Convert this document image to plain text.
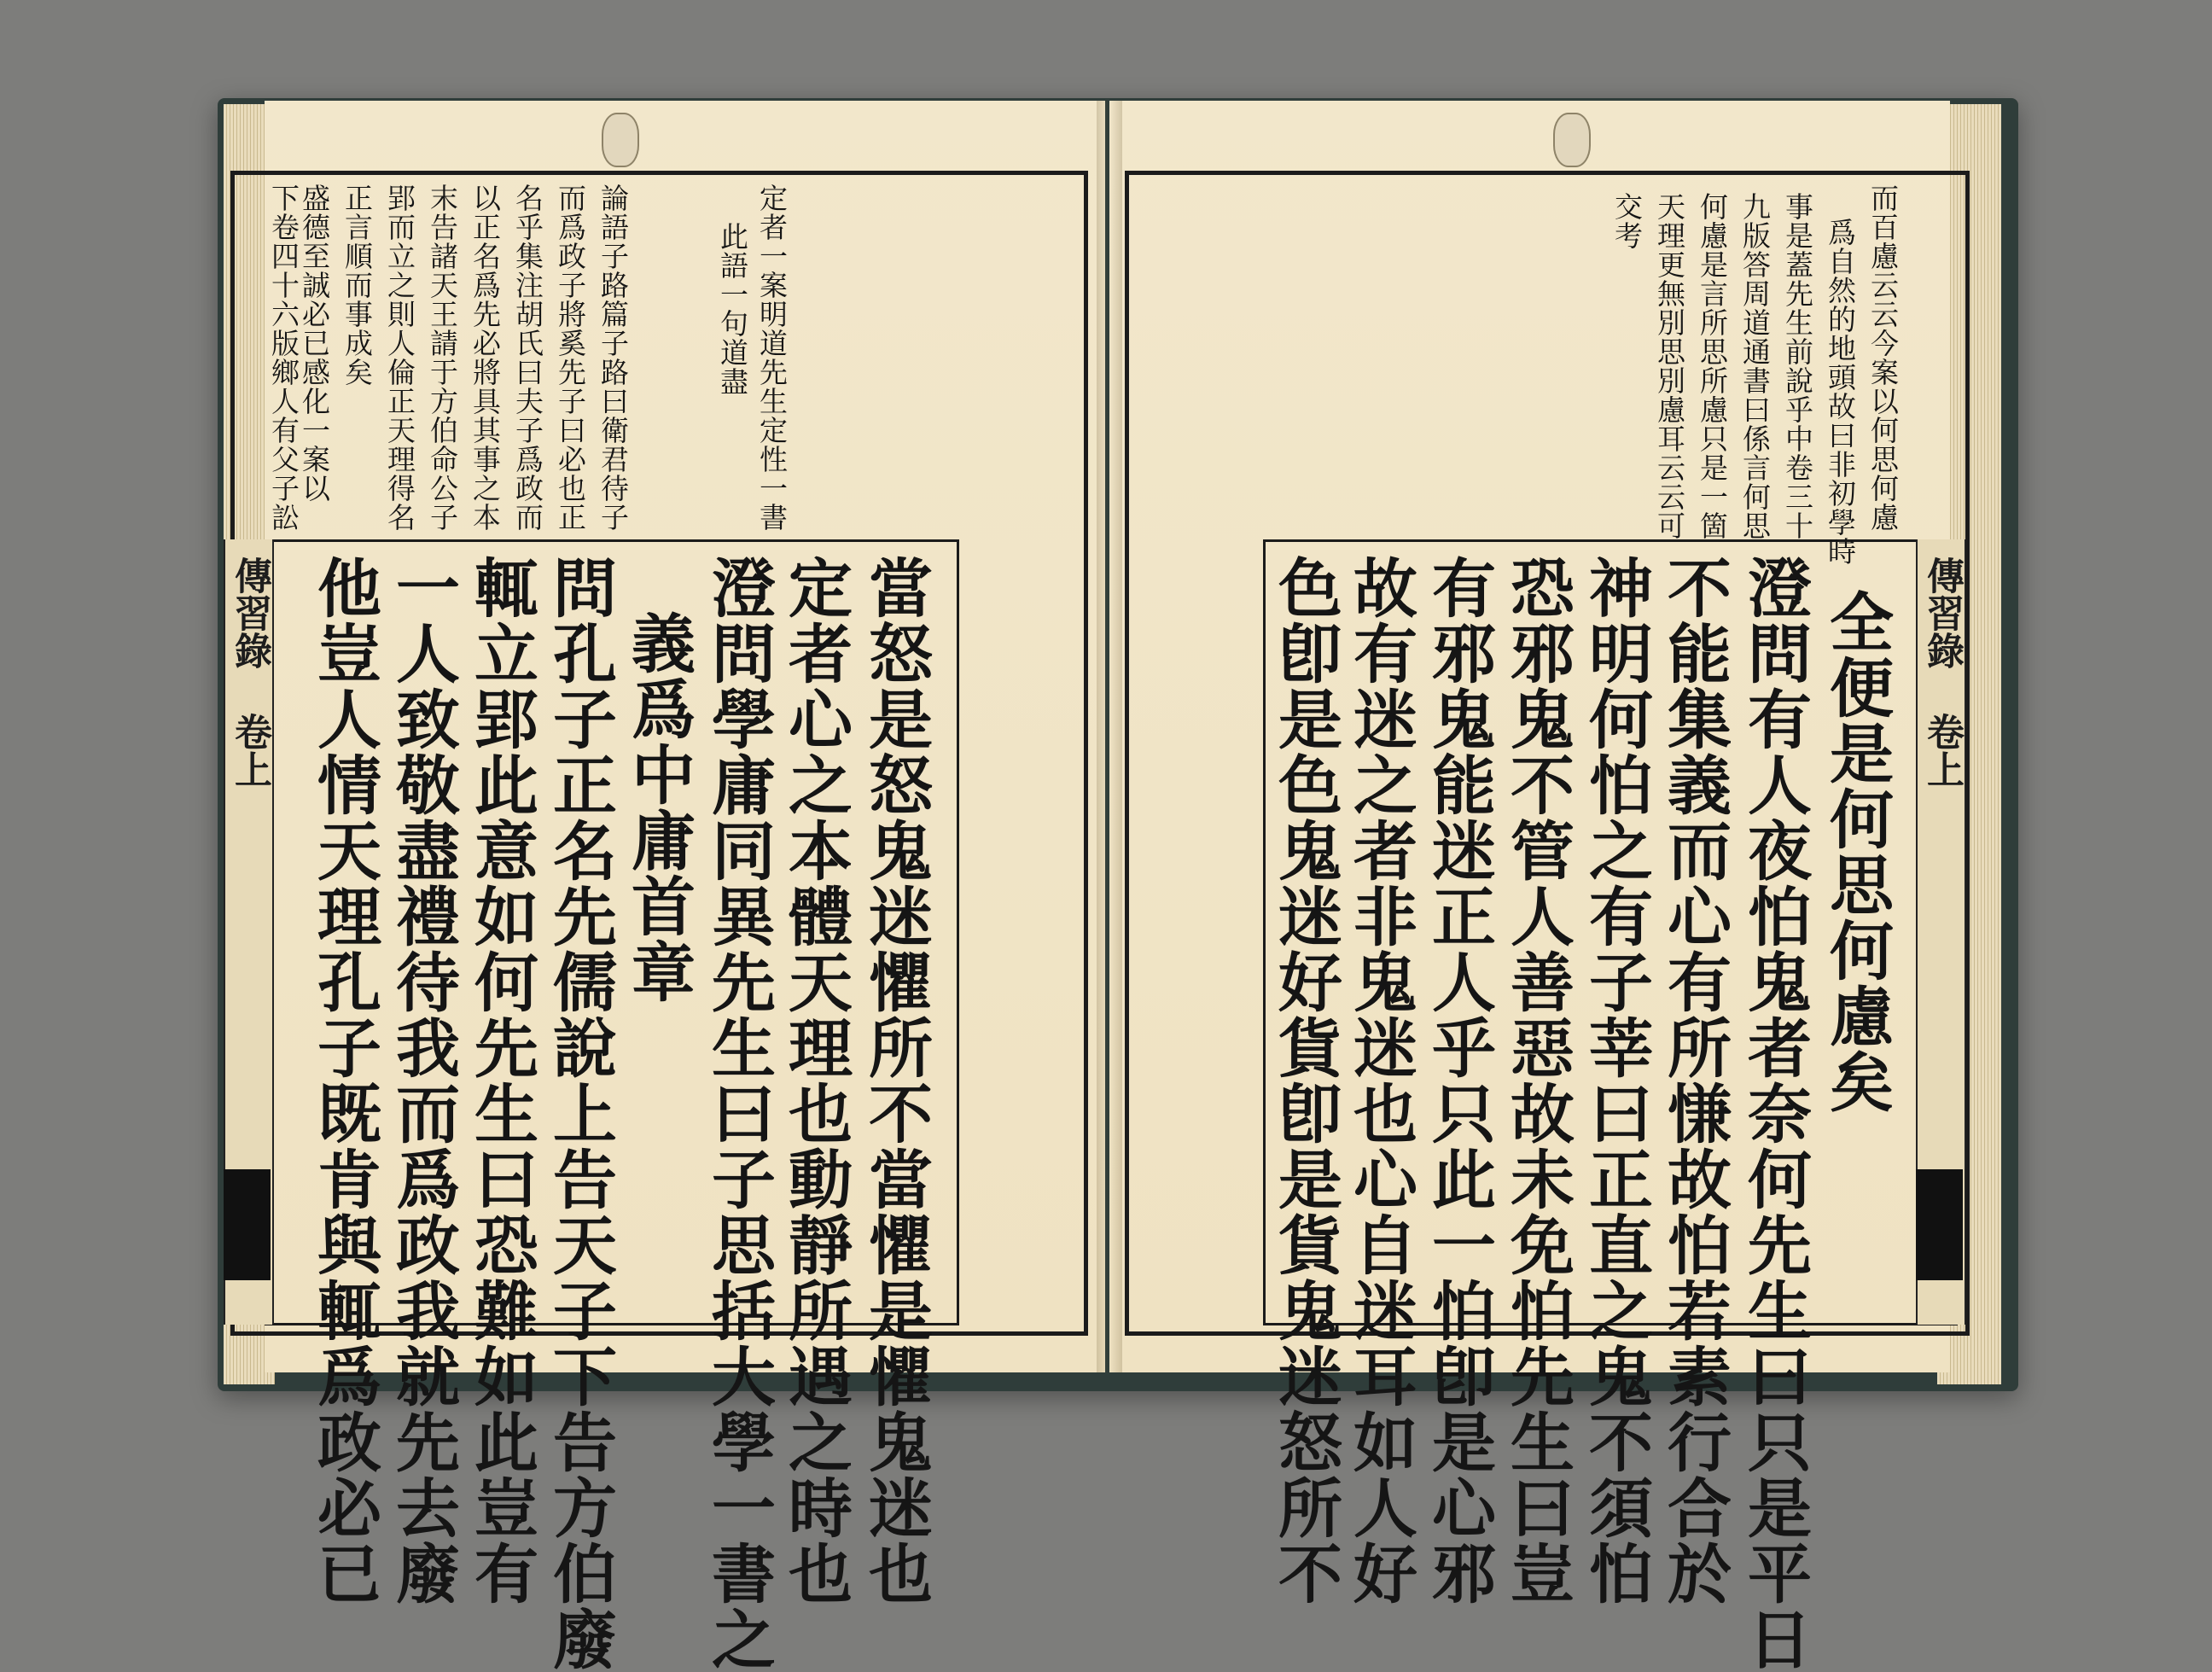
傳習錄 卷上	傳習錄 卷上
定者一案明道先生定性一書
此語一句道盡
論語子路篇子路曰衛君待子
而爲政子將奚先子曰必也正
名乎集注胡氏曰夫子爲政而
以正名爲先必將具其事之本
末告諸天王請于方伯命公子
郢而立之則人倫正天理得名
正言順而事成矣
盛德至誠必已感化一案以
下卷四十六版鄉人有父子訟
當怒是怒鬼迷懼所不當懼是懼鬼迷也
定者心之本體天理也動靜所遇之時也
澄問學庸同異先生曰子思括大學一書之
義爲中庸首章
問孔子正名先儒說上告天子下告方伯廢
輒立郢此意如何先生曰恐難如此豈有
一人致敬盡禮待我而爲政我就先去廢
他豈人情天理孔子既肯與輒爲政必已
而百慮云云今案以何思何慮
爲自然的地頭故曰非初學時
事是蓋先生前說乎中卷三十
九版答周道通書曰係言何思
何慮是言所思所慮只是一箇
天理更無別思別慮耳云云可
交考
全便是何思何慮矣
澄問有人夜怕鬼者奈何先生曰只是平日
不能集義而心有所慊故怕若素行合於
神明何怕之有子莘曰正直之鬼不須怕
恐邪鬼不管人善惡故未免怕先生曰豈
有邪鬼能迷正人乎只此一怕卽是心邪
故有迷之者非鬼迷也心自迷耳如人好
色卽是色鬼迷好貨卽是貨鬼迷怒所不
